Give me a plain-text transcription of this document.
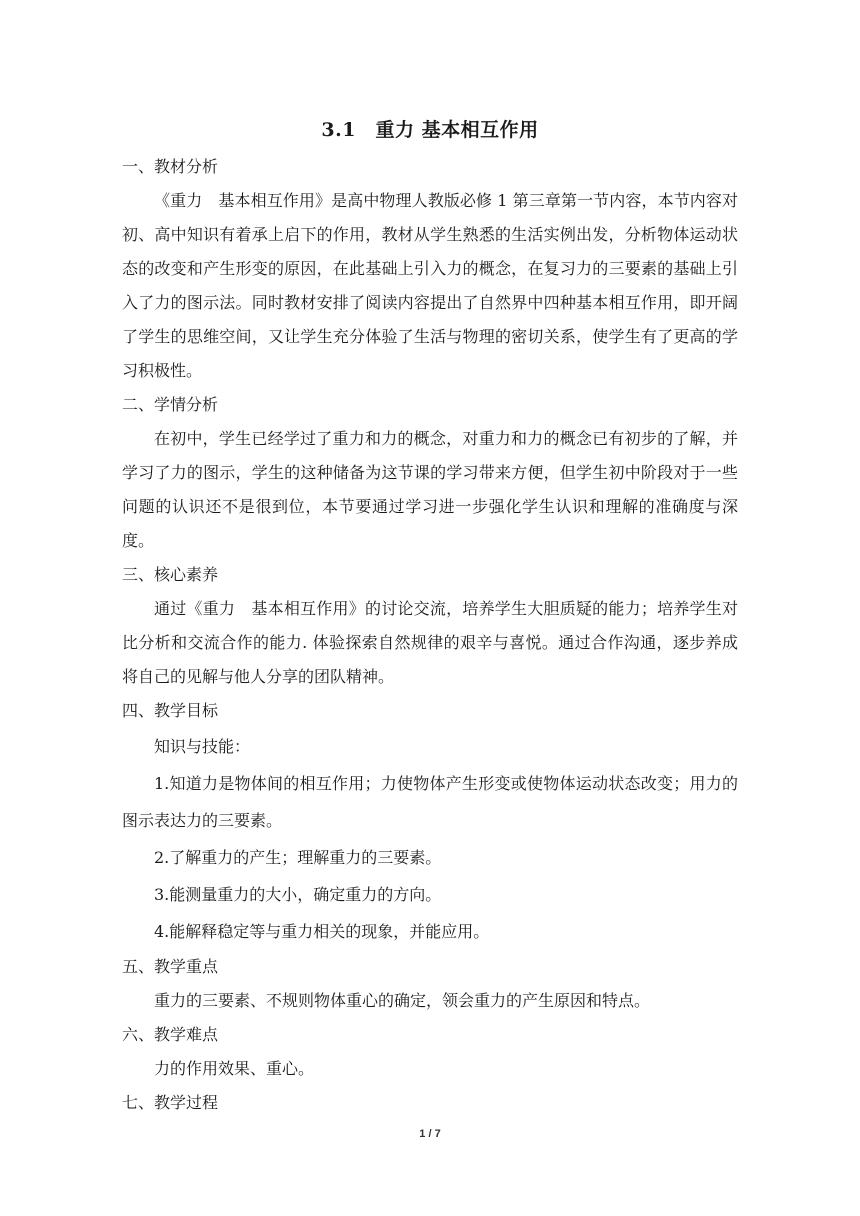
3.1　重力 基本相互作用

一、教材分析

《重力　基本相互作用》是高中物理人教版必修 1 第三章第一节内容，本节内容对初、高中知识有着承上启下的作用，教材从学生熟悉的生活实例出发，分析物体运动状态的改变和产生形变的原因，在此基础上引入力的概念，在复习力的三要素的基础上引入了力的图示法。同时教材安排了阅读内容提出了自然界中四种基本相互作用，即开阔了学生的思维空间，又让学生充分体验了生活与物理的密切关系，使学生有了更高的学习积极性。

二、学情分析

在初中，学生已经学过了重力和力的概念，对重力和力的概念已有初步的了解，并学习了力的图示，学生的这种储备为这节课的学习带来方便，但学生初中阶段对于一些问题的认识还不是很到位，本节要通过学习进一步强化学生认识和理解的准确度与深度。

三、核心素养

通过《重力　基本相互作用》的讨论交流，培养学生大胆质疑的能力；培养学生对比分析和交流合作的能力. 体验探索自然规律的艰辛与喜悦。通过合作沟通，逐步养成将自己的见解与他人分享的团队精神。

四、教学目标

知识与技能：

1.知道力是物体间的相互作用；力使物体产生形变或使物体运动状态改变；用力的图示表达力的三要素。

2.了解重力的产生；理解重力的三要素。

3.能测量重力的大小，确定重力的方向。

4.能解释稳定等与重力相关的现象，并能应用。

五、教学重点

重力的三要素、不规则物体重心的确定，领会重力的产生原因和特点。

六、教学难点

力的作用效果、重心。

七、教学过程

1 / 7
